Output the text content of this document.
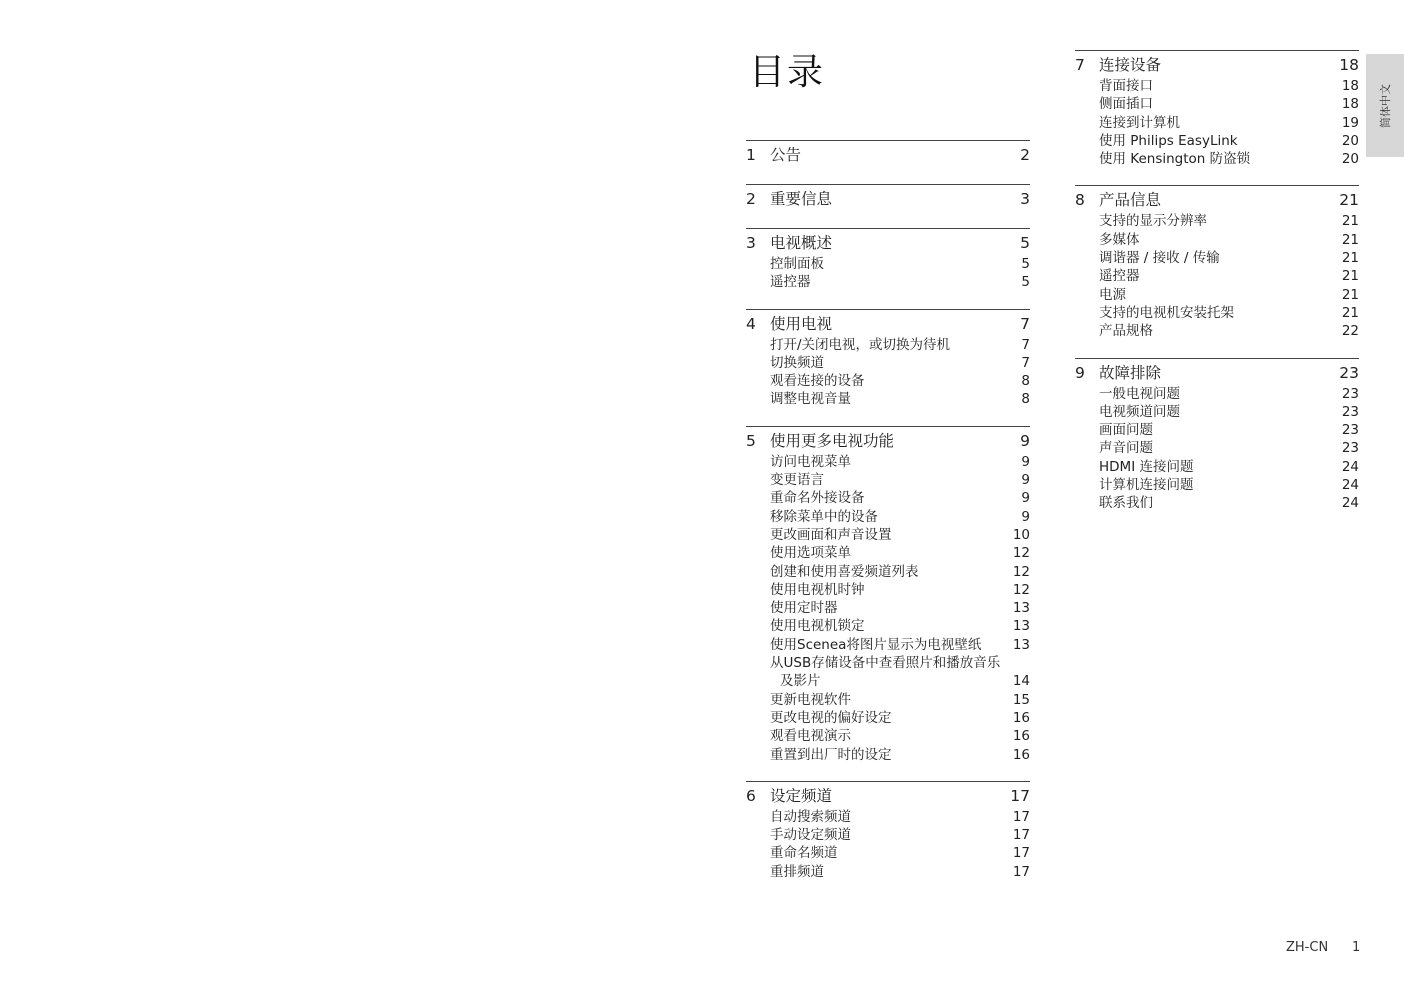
目录
1 公告	2
2 重要信息	3
3 电视概述	5
控制面板	5
遥控器	5
4 使用电视	7
打开/关闭电视，或切换为待机	7
切换频道	7
观看连接的设备	8
调整电视音量	8
5 使用更多电视功能	9
访问电视菜单	9
变更语言	9
重命名外接设备	9
移除菜单中的设备	9
更改画面和声音设置	10
使用选项菜单	12
创建和使用喜爱频道列表	12
使用电视机时钟	12
使用定时器	13
使用电视机锁定	13
使用Scenea将图片显示为电视壁纸 13
从USB存储设备中查看照片和播放音乐
及影片	14
更新电视软件	15
更改电视的偏好设定	16
观看电视演示	16
重置到出厂时的设定	16
6 设定频道	17
自动搜索频道	17
手动设定频道	17
重命名频道	17
重排频道	17
7 连接设备	18
背面接口	18
侧面插口	18
连接到计算机	19
使用 Philips EasyLink	20
使用 Kensington 防盗锁	20
8 产品信息	21
支持的显示分辨率	21
多媒体	21
调谐器 / 接收 / 传输	21
遥控器	21
电源	21
支持的电视机安装托架	21
产品规格	22
9 故障排除	23
一般电视问题	23
电视频道问题	23
画面问题	23
声音问题	23
HDMI 连接问题	24
计算机连接问题	24
联系我们	24
简体中文
ZH-CN 1
